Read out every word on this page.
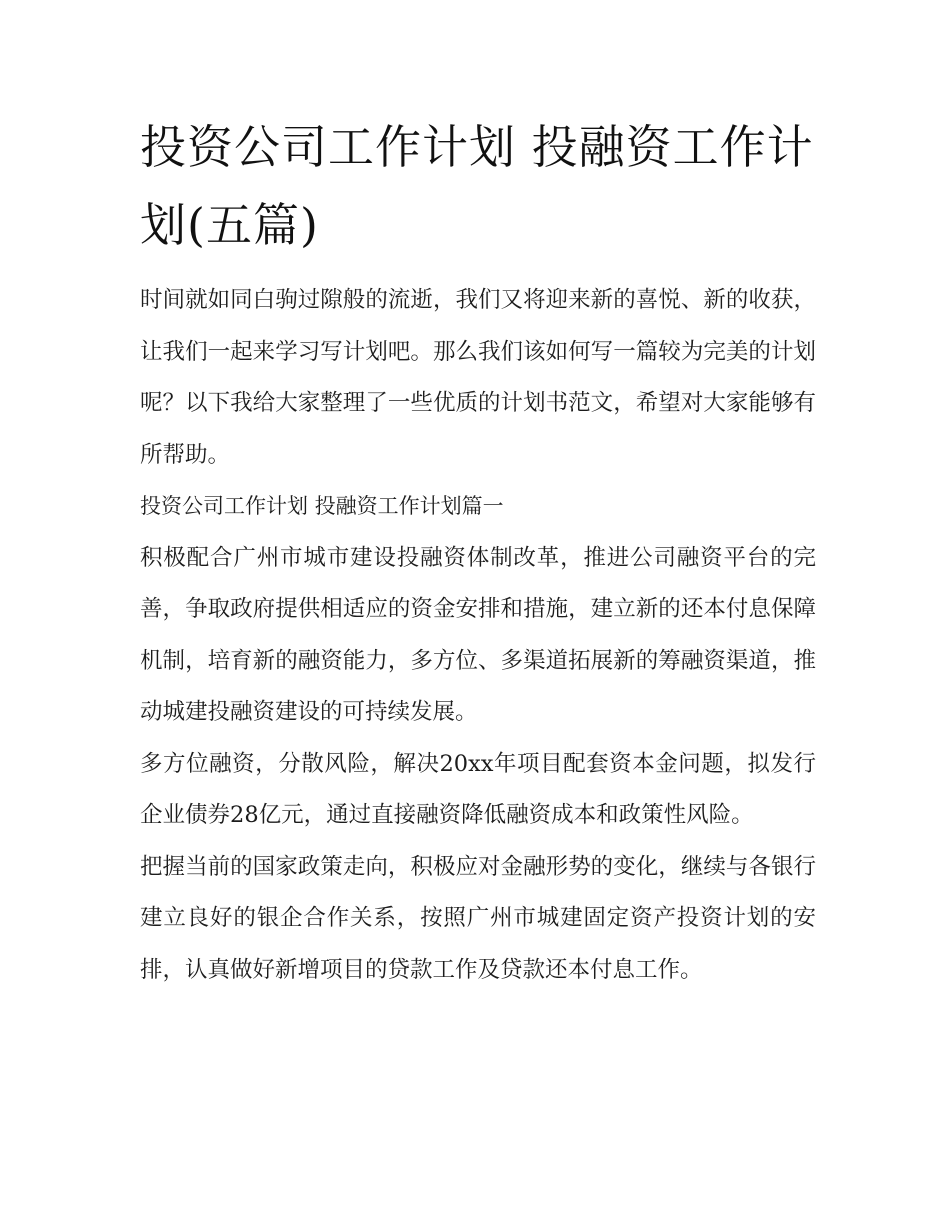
投资公司工作计划 投融资工作计划(五篇)

时间就如同白驹过隙般的流逝，我们又将迎来新的喜悦、新的收获，让我们一起来学习写计划吧。那么我们该如何写一篇较为完美的计划呢？以下我给大家整理了一些优质的计划书范文，希望对大家能够有所帮助。

投资公司工作计划 投融资工作计划篇一

积极配合广州市城市建设投融资体制改革，推进公司融资平台的完善，争取政府提供相适应的资金安排和措施，建立新的还本付息保障机制，培育新的融资能力，多方位、多渠道拓展新的筹融资渠道，推动城建投融资建设的可持续发展。

多方位融资，分散风险，解决20xx年项目配套资本金问题，拟发行企业债券28亿元，通过直接融资降低融资成本和政策性风险。

把握当前的国家政策走向，积极应对金融形势的变化，继续与各银行建立良好的银企合作关系，按照广州市城建固定资产投资计划的安排，认真做好新增项目的贷款工作及贷款还本付息工作。
